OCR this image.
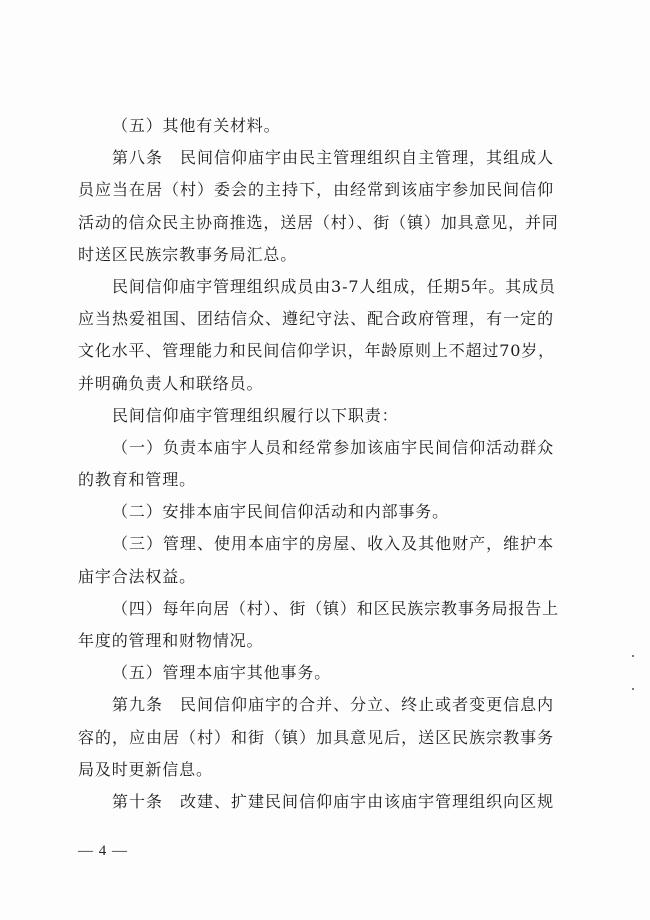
（五）其他有关材料。
第八条　民间信仰庙宇由民主管理组织自主管理，其组成人
员应当在居（村）委会的主持下，由经常到该庙宇参加民间信仰
活动的信众民主协商推选，送居（村）、街（镇）加具意见，并同
时送区民族宗教事务局汇总。
民间信仰庙宇管理组织成员由3-7人组成，任期5年。其成员
应当热爱祖国、团结信众、遵纪守法、配合政府管理，有一定的
文化水平、管理能力和民间信仰学识，年龄原则上不超过70岁，
并明确负责人和联络员。
民间信仰庙宇管理组织履行以下职责：
（一）负责本庙宇人员和经常参加该庙宇民间信仰活动群众
的教育和管理。
（二）安排本庙宇民间信仰活动和内部事务。
（三）管理、使用本庙宇的房屋、收入及其他财产，维护本
庙宇合法权益。
（四）每年向居（村）、街（镇）和区民族宗教事务局报告上
年度的管理和财物情况。
（五）管理本庙宇其他事务。
第九条　民间信仰庙宇的合并、分立、终止或者变更信息内
容的，应由居（村）和街（镇）加具意见后，送区民族宗教事务
局及时更新信息。
第十条　改建、扩建民间信仰庙宇由该庙宇管理组织向区规
— 4 —
